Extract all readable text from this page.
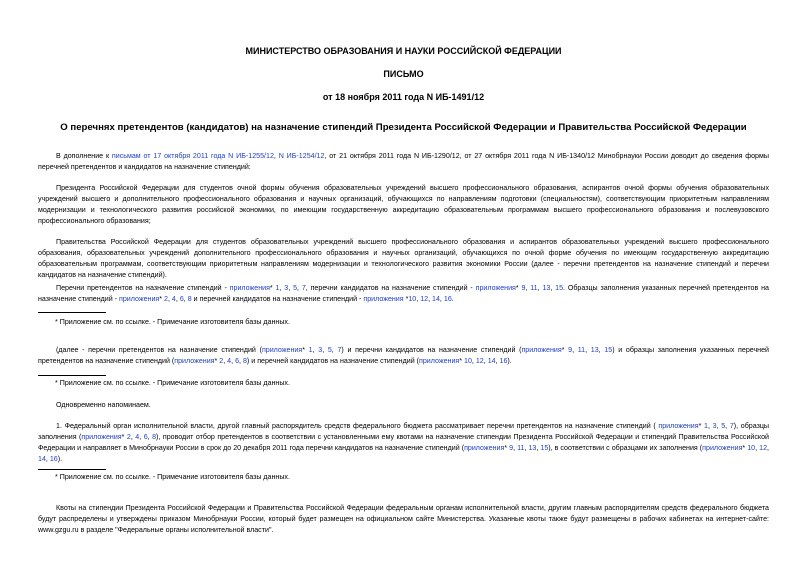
МИНИСТЕРСТВО ОБРАЗОВАНИЯ И НАУКИ РОССИЙСКОЙ ФЕДЕРАЦИИ
ПИСЬМО
от 18 ноября 2011 года N ИБ-1491/12
О перечнях претендентов (кандидатов) на назначение стипендий Президента Российской Федерации и Правительства Российской Федерации
В дополнение к письмам от 17 октября 2011 года N ИБ-1255/12, N ИБ-1254/12, от 21 октября 2011 года N ИБ-1290/12, от 27 октября 2011 года N ИБ-1340/12 Минобрнауки России доводит до сведения формы перечней претендентов и кандидатов на назначение стипендий:
Президента Российской Федерации для студентов очной формы обучения образовательных учреждений высшего профессионального образования, аспирантов очной формы обучения образовательных учреждений высшего и дополнительного профессионального образования и научных организаций, обучающихся по направлениям подготовки (специальностям), соответствующим приоритетным направлениям модернизации и технологического развития российской экономики, по имеющим государственную аккредитацию образовательным программам высшего профессионального образования и послевузовского профессионального образования;
Правительства Российской Федерации для студентов образовательных учреждений высшего профессионального образования и аспирантов образовательных учреждений высшего профессионального образования, образовательных учреждений дополнительного профессионального образования и научных организаций, обучающихся по очной форме обучения по имеющим государственную аккредитацию образовательным программам, соответствующим приоритетным направлениям модернизации и технологического развития экономики России (далее - перечни претендентов на назначение стипендий и перечни кандидатов на назначение стипендий).
Перечни претендентов на назначение стипендий - приложения* 1, 3, 5, 7, перечни кандидатов на назначение стипендий - приложения* 9, 11, 13, 15. Образцы заполнения указанных перечней претендентов на назначение стипендий - приложения* 2, 4, 6, 8 и перечней кандидатов на назначение стипендий - приложения *10, 12, 14, 16.
* Приложение см. по ссылке. - Примечание изготовителя базы данных.
(далее - перечни претендентов на назначение стипендий (приложения* 1, 3, 5, 7) и перечни кандидатов на назначение стипендий (приложения* 9, 11, 13, 15) и образцы заполнения указанных перечней претендентов на назначение стипендий (приложения* 2, 4, 6, 8) и перечней кандидатов на назначение стипендий (приложения* 10, 12, 14, 16).
* Приложение см. по ссылке. - Примечание изготовителя базы данных.
Одновременно напоминаем.
1. Федеральный орган исполнительной власти, другой главный распорядитель средств федерального бюджета рассматривает перечни претендентов на назначение стипендий ( приложения* 1, 3, 5, 7), образцы заполнения (приложения* 2, 4, 6, 8), проводит отбор претендентов в соответствии с установленными ему квотами на назначение стипендии Президента Российской Федерации и стипендий Правительства Российской Федерации и направляет в Минобрнауки России в срок до 20 декабря 2011 года перечни кандидатов на назначение стипендий (приложения* 9, 11, 13, 15), в соответствии с образцами их заполнения (приложения* 10, 12, 14, 16).
* Приложение см. по ссылке. - Примечание изготовителя базы данных.
Квоты на стипендии Президента Российской Федерации и Правительства Российской Федерации федеральным органам исполнительной власти, другим главным распорядителям средств федерального бюджета будут распределены и утверждены приказом Минобрнауки России, который будет размещен на официальном сайте Министерства. Указанные квоты также будут размещены в рабочих кабинетах на интернет-сайте: www.gzgu.ru в разделе "Федеральные органы исполнительной власти".
